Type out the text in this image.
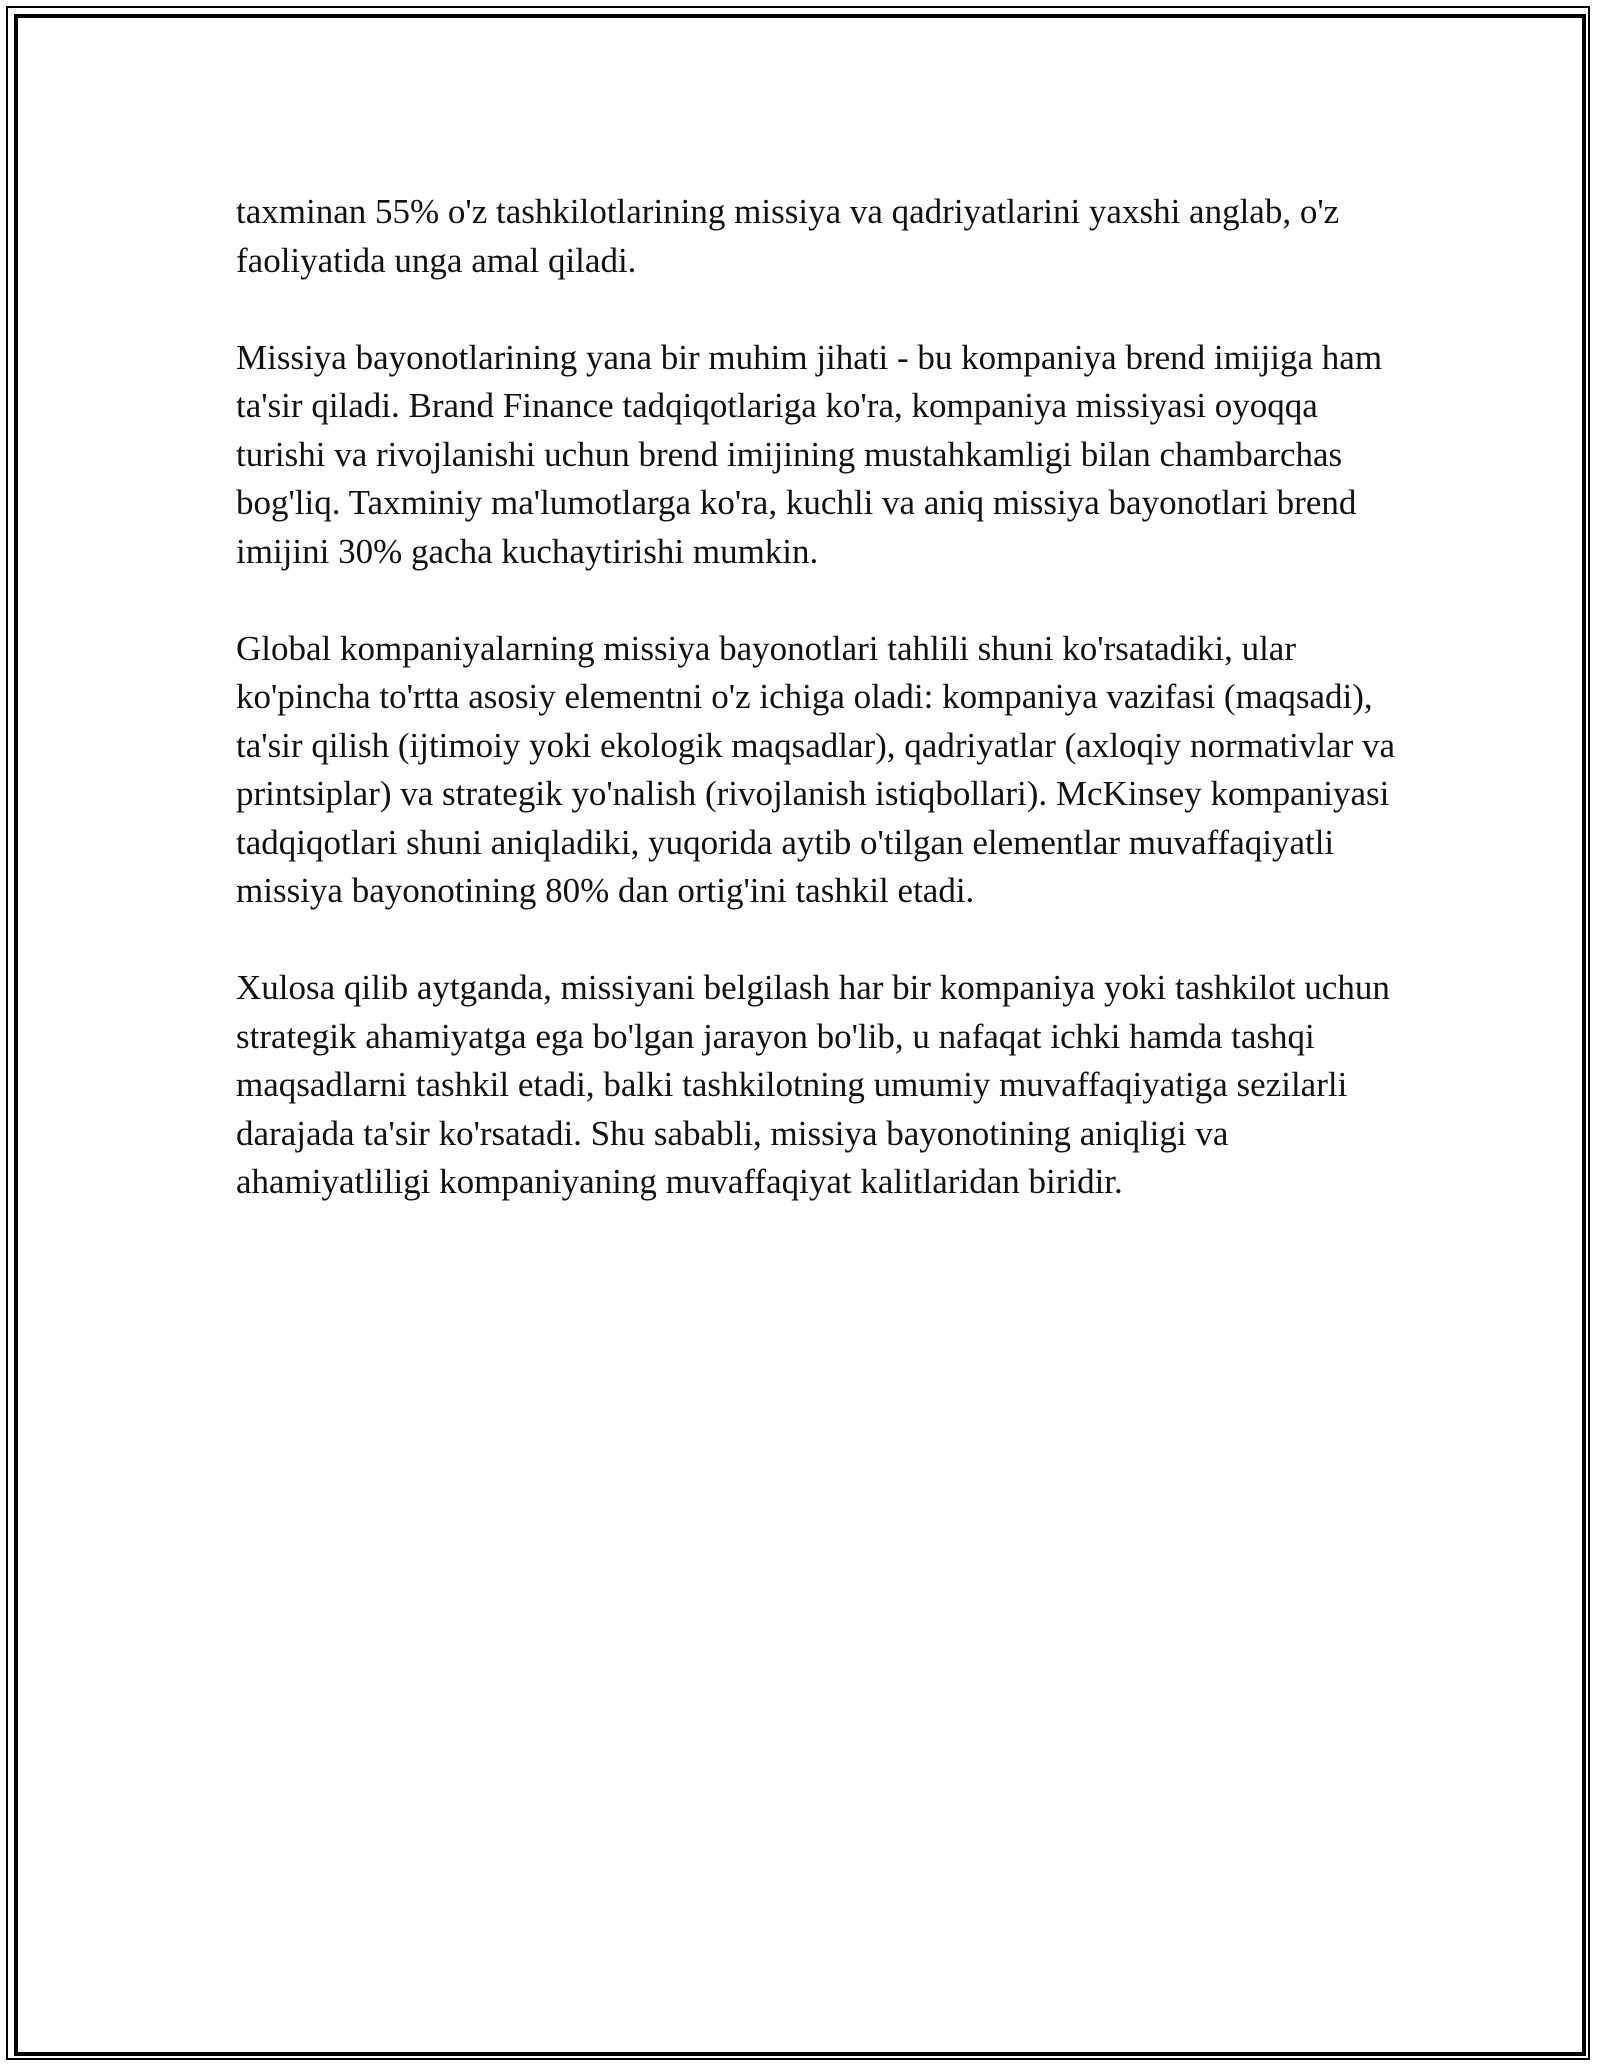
taxminan 55% o'z tashkilotlarining missiya va qadriyatlarini yaxshi anglab, o'z faoliyatida unga amal qiladi.

Missiya bayonotlarining yana bir muhim jihati - bu kompaniya brend imijiga ham ta'sir qiladi. Brand Finance tadqiqotlariga ko'ra, kompaniya missiyasi oyoqqa turishi va rivojlanishi uchun brend imijining mustahkamligi bilan chambarchas bog'liq. Taxminiy ma'lumotlarga ko'ra, kuchli va aniq missiya bayonotlari brend imijini 30% gacha kuchaytirishi mumkin.

Global kompaniyalarning missiya bayonotlari tahlili shuni ko'rsatadiki, ular ko'pincha to'rtta asosiy elementni o'z ichiga oladi: kompaniya vazifasi (maqsadi), ta'sir qilish (ijtimoiy yoki ekologik maqsadlar), qadriyatlar (axloqiy normativlar va printsiplar) va strategik yo'nalish (rivojlanish istiqbollari). McKinsey kompaniyasi tadqiqotlari shuni aniqladiki, yuqorida aytib o'tilgan elementlar muvaffaqiyatli missiya bayonotining 80% dan ortig'ini tashkil etadi.

Xulosa qilib aytganda, missiyani belgilash har bir kompaniya yoki tashkilot uchun strategik ahamiyatga ega bo'lgan jarayon bo'lib, u nafaqat ichki hamda tashqi maqsadlarni tashkil etadi, balki tashkilotning umumiy muvaffaqiyatiga sezilarli darajada ta'sir ko'rsatadi. Shu sababli, missiya bayonotining aniqligi va ahamiyatliligi kompaniyaning muvaffaqiyat kalitlaridan biridir.
